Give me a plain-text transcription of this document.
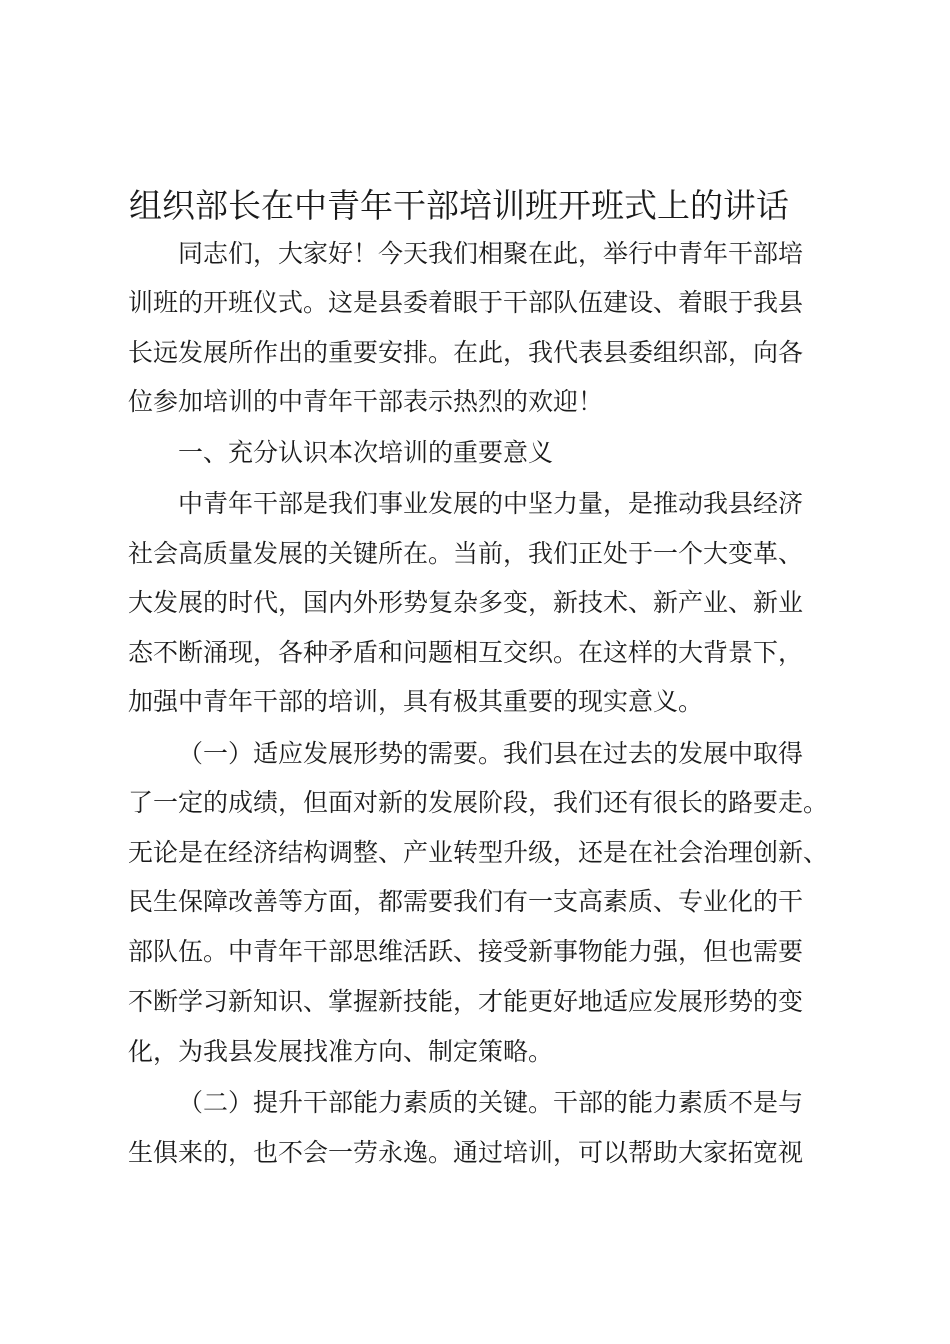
组织部长在中青年干部培训班开班式上的讲话
同志们，大家好！今天我们相聚在此，举行中青年干部培
训班的开班仪式。这是县委着眼于干部队伍建设、着眼于我县
长远发展所作出的重要安排。在此，我代表县委组织部，向各
位参加培训的中青年干部表示热烈的欢迎！
一、充分认识本次培训的重要意义
中青年干部是我们事业发展的中坚力量，是推动我县经济
社会高质量发展的关键所在。当前，我们正处于一个大变革、
大发展的时代，国内外形势复杂多变，新技术、新产业、新业
态不断涌现，各种矛盾和问题相互交织。在这样的大背景下，
加强中青年干部的培训，具有极其重要的现实意义。
（一）适应发展形势的需要。我们县在过去的发展中取得
了一定的成绩，但面对新的发展阶段，我们还有很长的路要走。
无论是在经济结构调整、产业转型升级，还是在社会治理创新、
民生保障改善等方面，都需要我们有一支高素质、专业化的干
部队伍。中青年干部思维活跃、接受新事物能力强，但也需要
不断学习新知识、掌握新技能，才能更好地适应发展形势的变
化，为我县发展找准方向、制定策略。
（二）提升干部能力素质的关键。干部的能力素质不是与
生俱来的，也不会一劳永逸。通过培训，可以帮助大家拓宽视
